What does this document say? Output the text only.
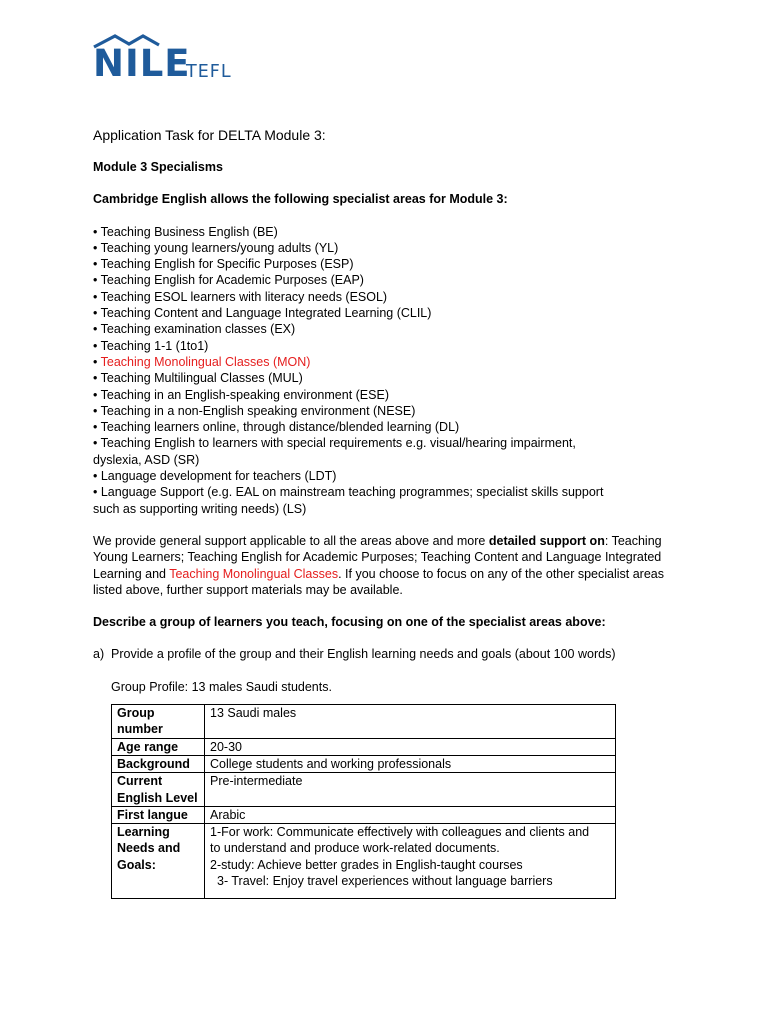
NILE
TEFL

Application Task for DELTA Module 3:

Module 3 Specialisms

Cambridge English allows the following specialist areas for Module 3:

• Teaching Business English (BE)
• Teaching young learners/young adults (YL)
• Teaching English for Specific Purposes (ESP)
• Teaching English for Academic Purposes (EAP)
• Teaching ESOL learners with literacy needs (ESOL)
• Teaching Content and Language Integrated Learning (CLIL)
• Teaching examination classes (EX)
• Teaching 1-1 (1to1)
• Teaching Monolingual Classes (MON)
• Teaching Multilingual Classes (MUL)
• Teaching in an English-speaking environment (ESE)
• Teaching in a non-English speaking environment (NESE)
• Teaching learners online, through distance/blended learning (DL)
• Teaching English to learners with special requirements e.g. visual/hearing impairment,
dyslexia, ASD (SR)
• Language development for teachers (LDT)
• Language Support (e.g. EAL on mainstream teaching programmes; specialist skills support
such as supporting writing needs) (LS)

We provide general support applicable to all the areas above and more detailed support on: Teaching Young Learners; Teaching English for Academic Purposes; Teaching Content and Language Integrated Learning and Teaching Monolingual Classes. If you choose to focus on any of the other specialist areas listed above, further support materials may be available.

Describe a group of learners you teach, focusing on one of the specialist areas above:

a) Provide a profile of the group and their English learning needs and goals (about 100 words)

Group Profile: 13 males Saudi students.

Group number	13 Saudi males
Age range	20-30
Background	College students and working professionals
Current English Level	Pre-intermediate
First langue	Arabic
Learning Needs and Goals:	1-For work: Communicate effectively with colleagues and clients and
to understand and produce work-related documents.
2-study: Achieve better grades in English-taught courses
3- Travel: Enjoy travel experiences without language barriers
